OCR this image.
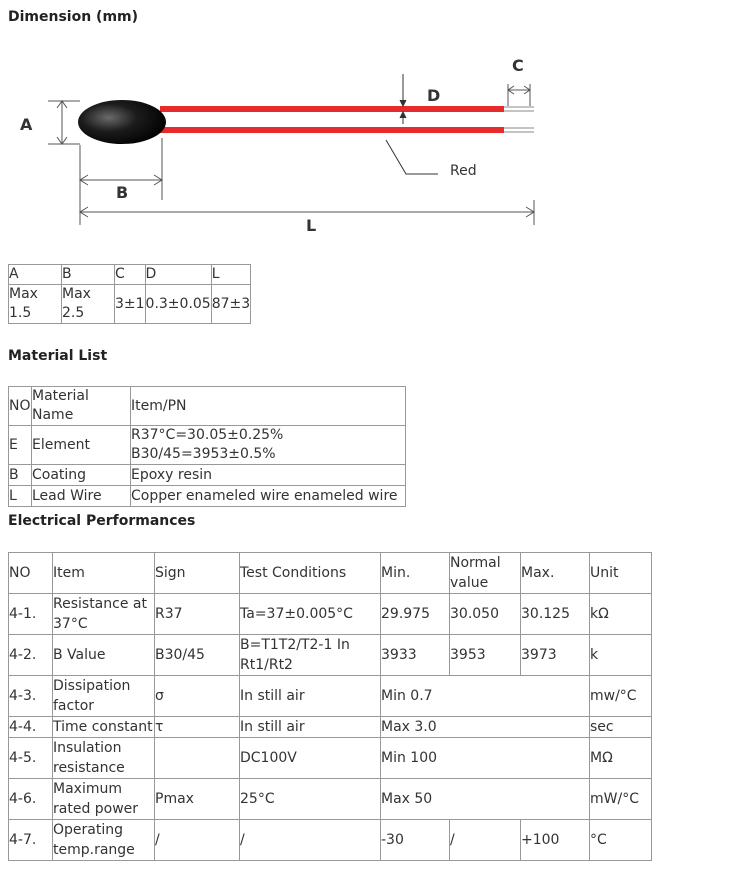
Dimension (mm)
A
B
L
D
C
Red
A	B	C	D	L
Max 1.5	Max 2.5	3±1	0.3±0.05	87±3
Material List
NO	Material Name	Item/PN
E	Element	R37°C=30.05±0.25% B30/45=3953±0.5%
B	Coating	Epoxy resin
L	Lead Wire	Copper enameled wire enameled wire
Electrical Performances
NO	Item	Sign	Test Conditions	Min.	Normal value	Max.	Unit
4-1.	Resistance at 37°C	R37	Ta=37±0.005°C	29.975	30.050	30.125	kΩ
4-2.	B Value	B30/45	B=T1T2/T2-1 In Rt1/Rt2	3933	3953	3973	k
4-3.	Dissipation factor	σ	In still air	Min 0.7			mw/°C
4-4.	Time constant	τ	In still air	Max 3.0			sec
4-5.	Insulation resistance		DC100V	Min 100			MΩ
4-6.	Maximum rated power	Pmax	25°C	Max 50			mW/°C
4-7.	Operating temp.range	/	/	-30	/	+100	°C
